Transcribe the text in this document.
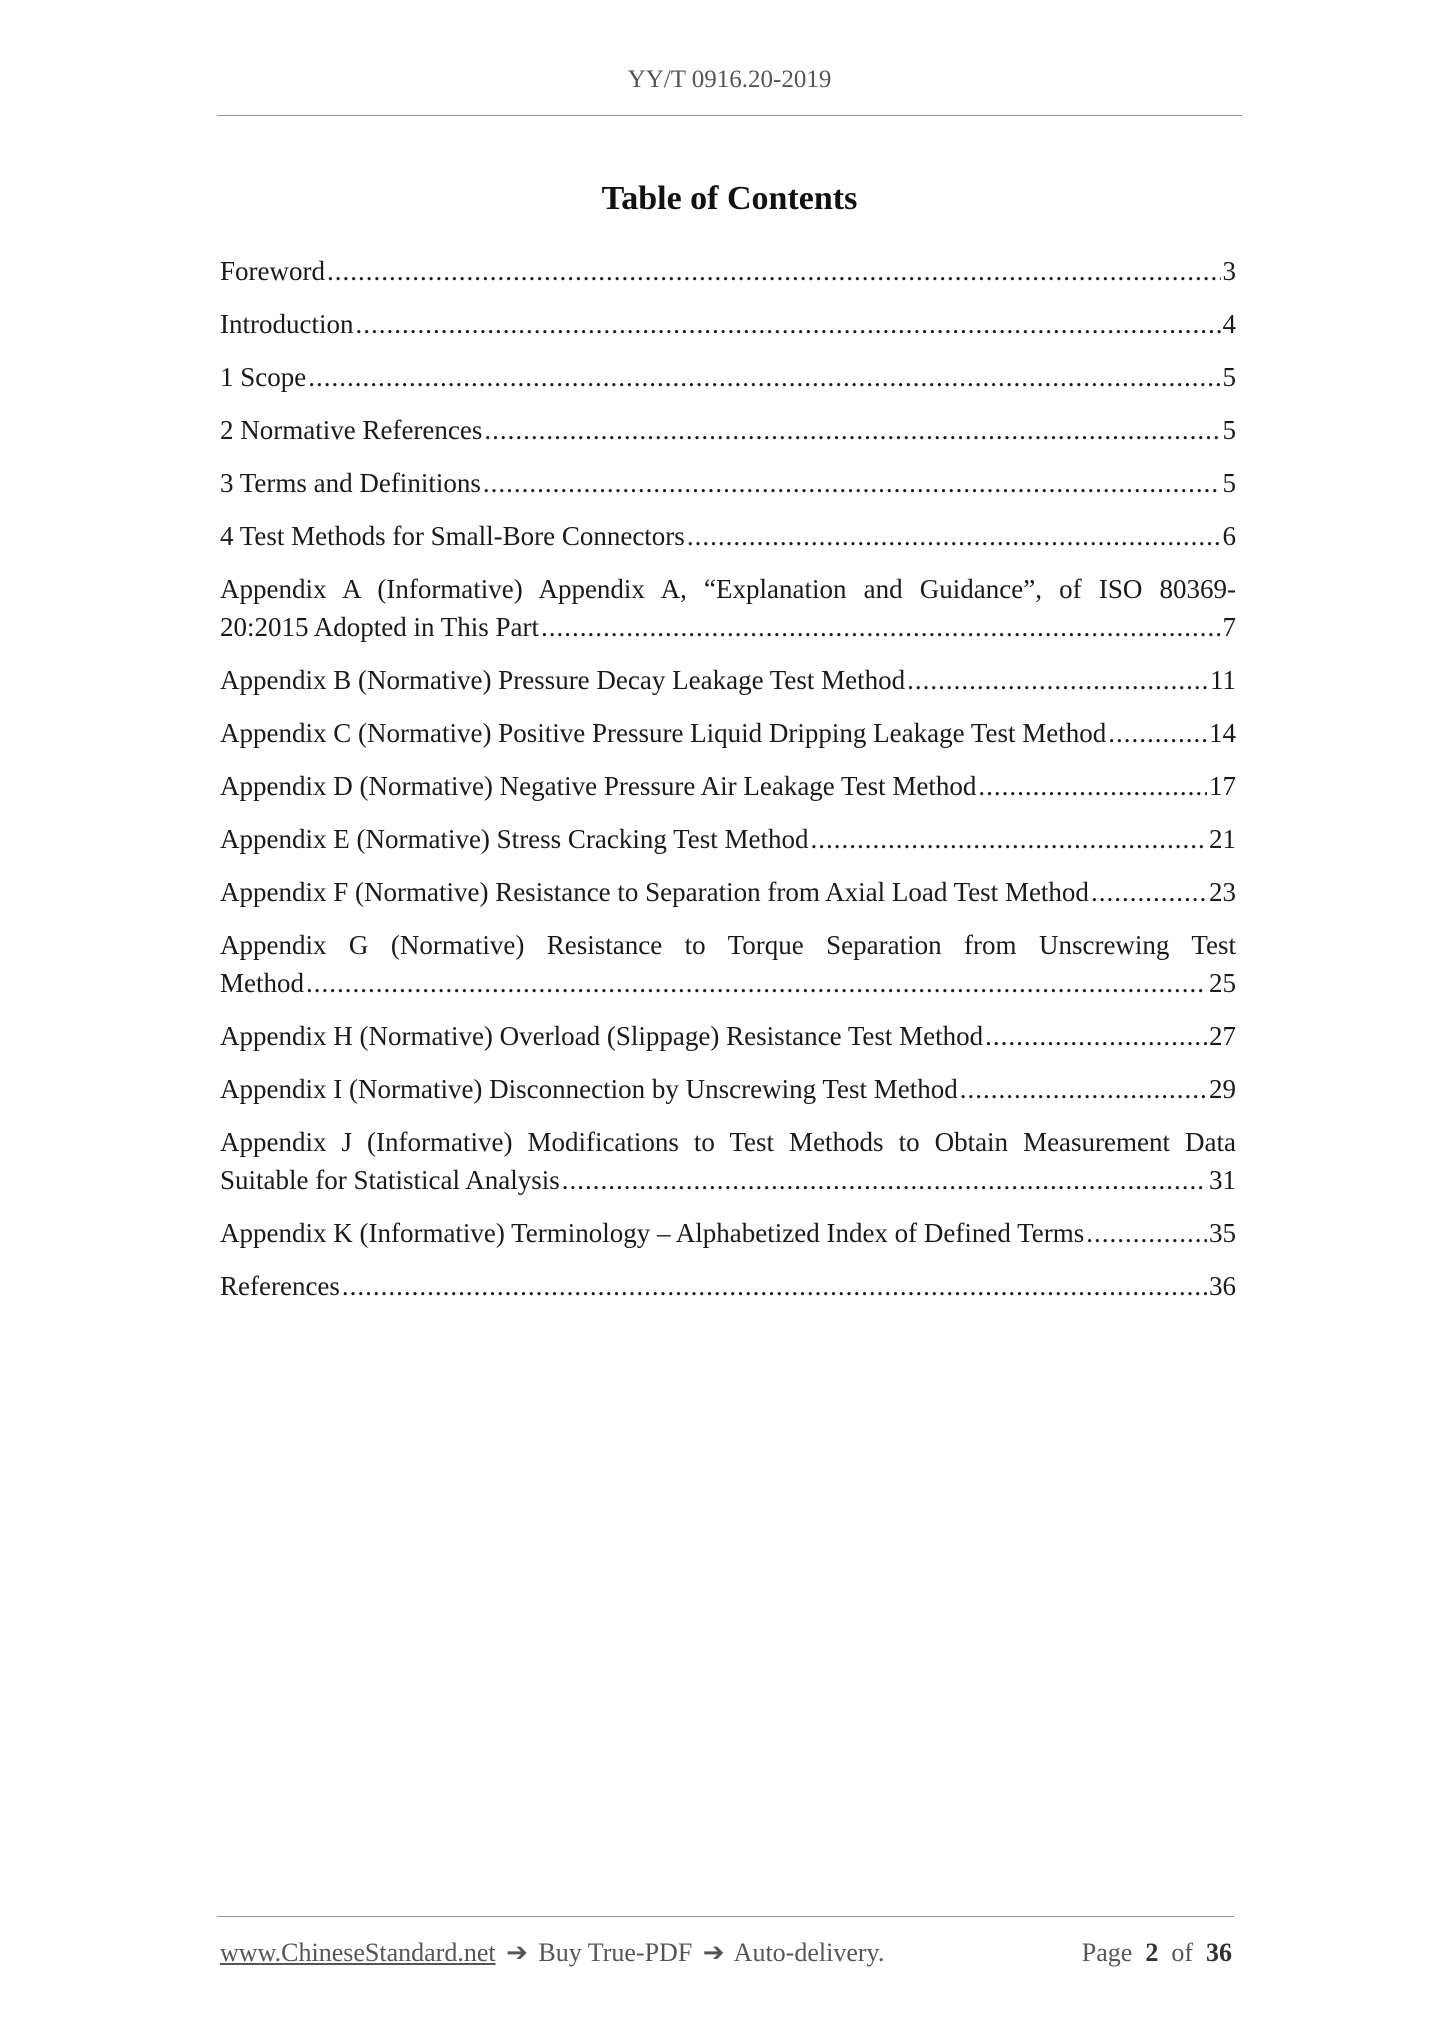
YY/T 0916.20-2019
Table of Contents
Foreword .....	3
Introduction .....	4
1 Scope .....	5
2 Normative References .....	5
3 Terms and Definitions .....	5
4 Test Methods for Small-Bore Connectors .....	6
Appendix A (Informative) Appendix A, “Explanation and Guidance”, of ISO 80369-
20:2015 Adopted in This Part .....	7
Appendix B (Normative) Pressure Decay Leakage Test Method .....	11
Appendix C (Normative) Positive Pressure Liquid Dripping Leakage Test Method .....	14
Appendix D (Normative) Negative Pressure Air Leakage Test Method .....	17
Appendix E (Normative) Stress Cracking Test Method .....	21
Appendix F (Normative) Resistance to Separation from Axial Load Test Method .....	23
Appendix G (Normative) Resistance to Torque Separation from Unscrewing Test
Method .....	25
Appendix H (Normative) Overload (Slippage) Resistance Test Method .....	27
Appendix I (Normative) Disconnection by Unscrewing Test Method .....	29
Appendix J (Informative) Modifications to Test Methods to Obtain Measurement Data
Suitable for Statistical Analysis .....	31
Appendix K (Informative) Terminology – Alphabetized Index of Defined Terms .....	35
References .....	36
www.ChineseStandard.net ➔ Buy True-PDF ➔ Auto-delivery.	Page 2 of 36
